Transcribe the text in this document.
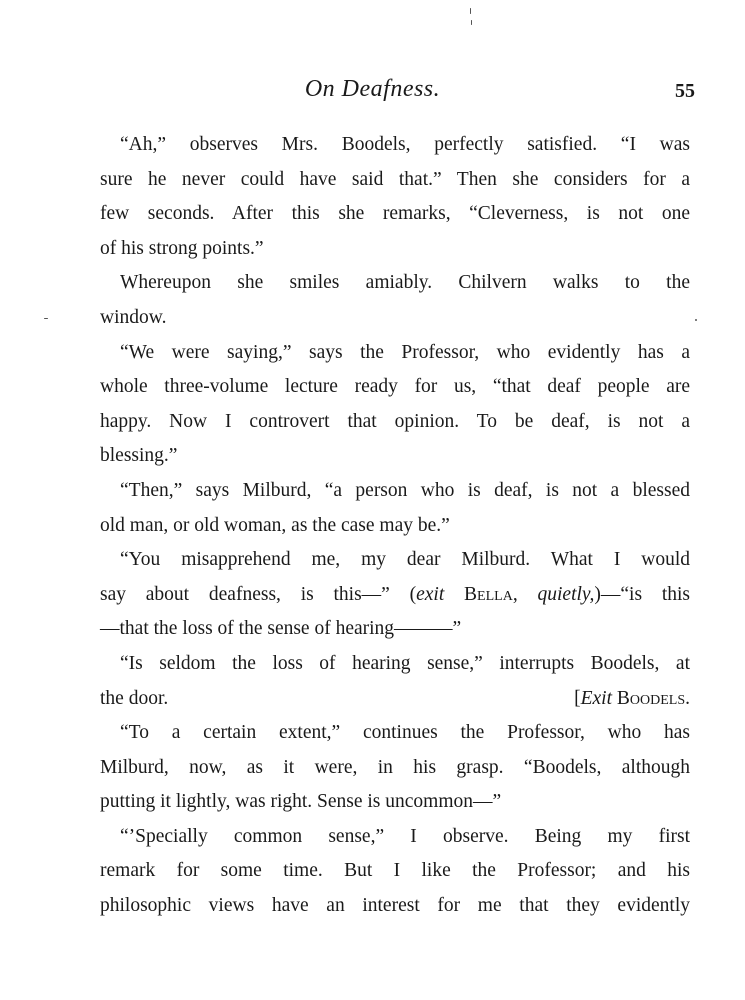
On Deafness.	55
“Ah,” observes Mrs. Boodels, perfectly satisfied. “I was
sure he never could have said that.” Then she considers for a
few seconds. After this she remarks, “Cleverness, is not one
of his strong points.”
Whereupon she smiles amiably. Chilvern walks to the
window.
“We were saying,” says the Professor, who evidently has a
whole three-volume lecture ready for us, “that deaf people are
happy. Now I controvert that opinion. To be deaf, is not a
blessing.”
“Then,” says Milburd, “a person who is deaf, is not a blessed
old man, or old woman, as the case may be.”
“You misapprehend me, my dear Milburd. What I would
say about deafness, is this—” (exit Bella, quietly,)—“is this
—that the loss of the sense of hearing———”
“Is seldom the loss of hearing sense,” interrupts Boodels, at
the door.	[Exit Boodels.
“To a certain extent,” continues the Professor, who has
Milburd, now, as it were, in his grasp. “Boodels, although
putting it lightly, was right. Sense is uncommon—”
“’Specially common sense,” I observe. Being my first
remark for some time. But I like the Professor; and his
philosophic views have an interest for me that they evidently
